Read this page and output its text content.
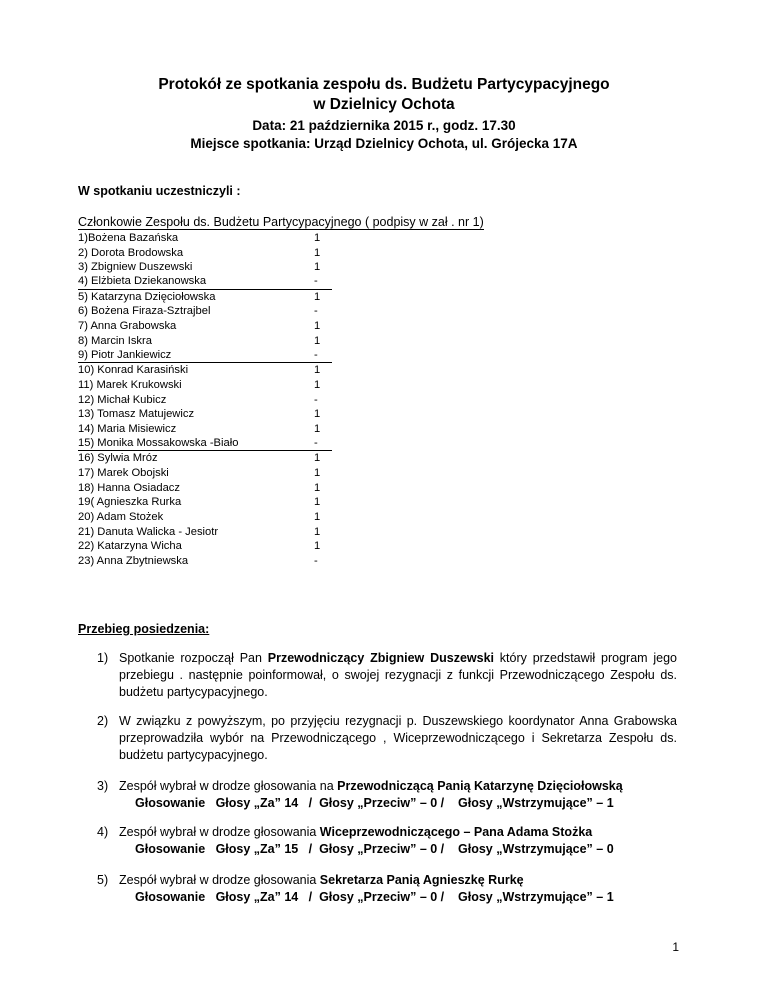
Protokół ze spotkania zespołu ds. Budżetu Partycypacyjnego
w Dzielnicy Ochota
Data: 21 października 2015 r., godz. 17.30
Miejsce spotkania: Urząd Dzielnicy Ochota, ul. Grójecka 17A
W spotkaniu uczestniczyli :
Członkowie Zespołu ds. Budżetu Partycypacyjnego ( podpisy w zał . nr 1)
1)Bożena Bazańska	1
2) Dorota Brodowska	1
3) Zbigniew Duszewski	1
4) Elżbieta Dziekanowska	-
5) Katarzyna Dzięciołowska	1
6) Bożena Firaza-Sztrajbel	-
7) Anna Grabowska	1
8) Marcin Iskra	1
9) Piotr Jankiewicz	-
10) Konrad Karasiński	1
11) Marek Krukowski	1
12) Michał Kubicz	-
13) Tomasz Matujewicz	1
14) Maria Misiewicz	1
15) Monika Mossakowska -Biało	-
16) Sylwia Mróz	1
17) Marek Obojski	1
18) Hanna Osiadacz	1
19( Agnieszka Rurka	1
20) Adam Stożek	1
21) Danuta Walicka - Jesiotr	1
22) Katarzyna Wicha	1
23) Anna Zbytniewska	-
Przebieg posiedzenia:
1) Spotkanie rozpoczął Pan Przewodniczący Zbigniew Duszewski który przedstawił program jego przebiegu . następnie poinformował, o swojej rezygnacji z funkcji Przewodniczącego Zespołu ds. budżetu partycypacyjnego.
2) W związku z powyższym, po przyjęciu rezygnacji p. Duszewskiego koordynator Anna Grabowska przeprowadziła wybór na Przewodniczącego , Wiceprzewodniczącego i Sekretarza Zespołu ds. budżetu partycypacyjnego.
3) Zespół wybrał w drodze głosowania na Przewodniczącą Panią Katarzynę Dzięciołowską
Głosowanie   Głosy „Za” 14   /  Głosy „Przeciw” – 0 /    Głosy „Wstrzymujące” – 1
4) Zespół wybrał w drodze głosowania Wiceprzewodniczącego – Pana Adama Stożka
Głosowanie   Głosy „Za” 15   /  Głosy „Przeciw” – 0 /    Głosy „Wstrzymujące” – 0
5) Zespół wybrał w drodze głosowania Sekretarza Panią Agnieszkę Rurkę
Głosowanie   Głosy „Za” 14   /  Głosy „Przeciw” – 0 /    Głosy „Wstrzymujące” – 1
1
